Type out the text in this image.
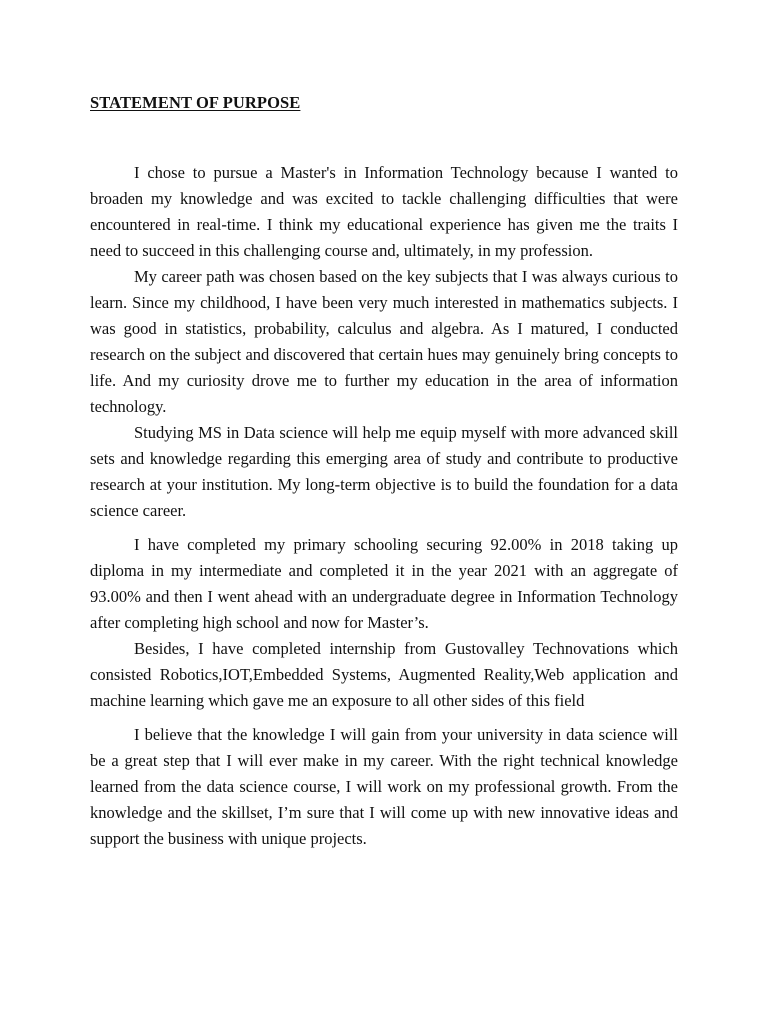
STATEMENT OF PURPOSE

I chose to pursue a Master's in Information Technology because I wanted to broaden my knowledge and was excited to tackle challenging difficulties that were encountered in real-time. I think my educational experience has given me the traits I need to succeed in this challenging course and, ultimately, in my profession.

My career path was chosen based on the key subjects that I was always curious to learn. Since my childhood, I have been very much interested in mathematics subjects. I was good in statistics, probability, calculus and algebra. As I matured, I conducted research on the subject and discovered that certain hues may genuinely bring concepts to life. And my curiosity drove me to further my education in the area of information technology.

Studying MS in Data science will help me equip myself with more advanced skill sets and knowledge regarding this emerging area of study and contribute to productive research at your institution. My long-term objective is to build the foundation for a data science career.

I have completed my primary schooling securing 92.00% in 2018 taking up diploma in my intermediate and completed it in the year 2021 with an aggregate of 93.00% and then I went ahead with an undergraduate degree in Information Technology after completing high school and now for Master’s.

Besides, I have completed internship from Gustovalley Technovations which consisted Robotics,IOT,Embedded Systems, Augmented Reality,Web application and machine learning which gave me an exposure to all other sides of this field

I believe that the knowledge I will gain from your university in data science will be a great step that I will ever make in my career. With the right technical knowledge learned from the data science course, I will work on my professional growth. From the knowledge and the skillset, I’m sure that I will come up with new innovative ideas and support the business with unique projects.
